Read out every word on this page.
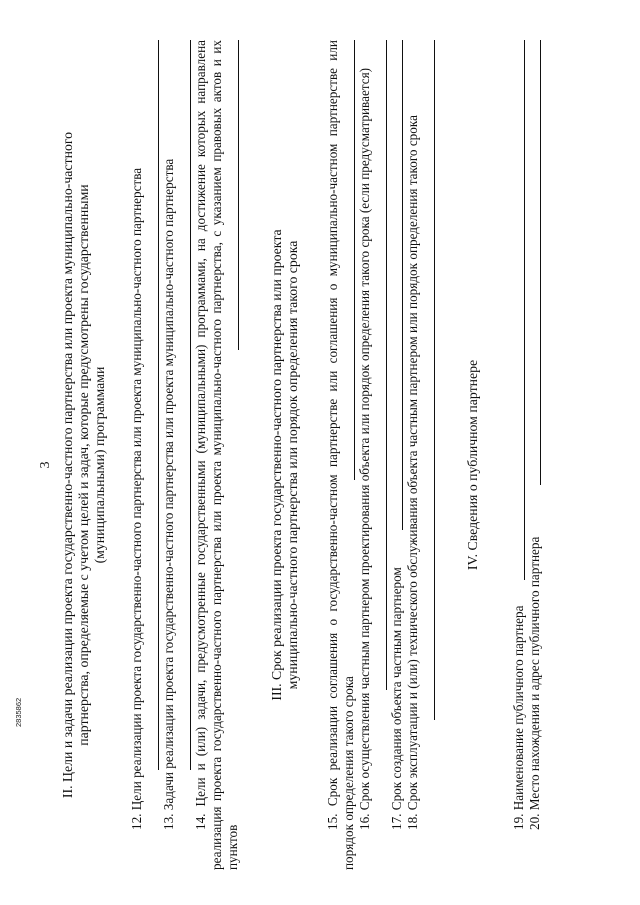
3 II. Цели и задачи реализации проекта государственно-частного партнерства или проекта муниципально-частного партнерства, определяемые с учетом целей и задач, которые предусмотрены государственными (муниципальными) программами 12. Цели реализации проекта государственно-частного партнерства или проекта муниципально-частного партнерства 13. Задачи реализации проекта государственно-частного партнерства или проекта муниципально-частного партнерства 14. Цели и (или) задачи, предусмотренные государственными (муниципальными) программами, на достижение которых направлена реализация проекта государственно-частного партнерства или проекта муниципально-частного партнерства, с указанием правовых актов и их пунктов
III. Срок реализации проекта государственно-частного партнерства или проекта муниципально-частного партнерства или порядок определения такого срока 15. Срок реализации соглашения о государственно-частном партнерстве или соглашения о муниципально-частном партнерстве или порядок определения такого срока 16. Срок осуществления частным партнером проектирования объекта или порядок определения такого срока (если предусматривается) 17. Срок создания объекта частным партнером 18. Срок эксплуатации и (или) технического обслуживания объекта частным партнером или порядок определения такого срока	IV. Сведения о публичном партнере
19. Наименование публичного партнера 20. Место нахождения и адрес публичного партнера
2835862
